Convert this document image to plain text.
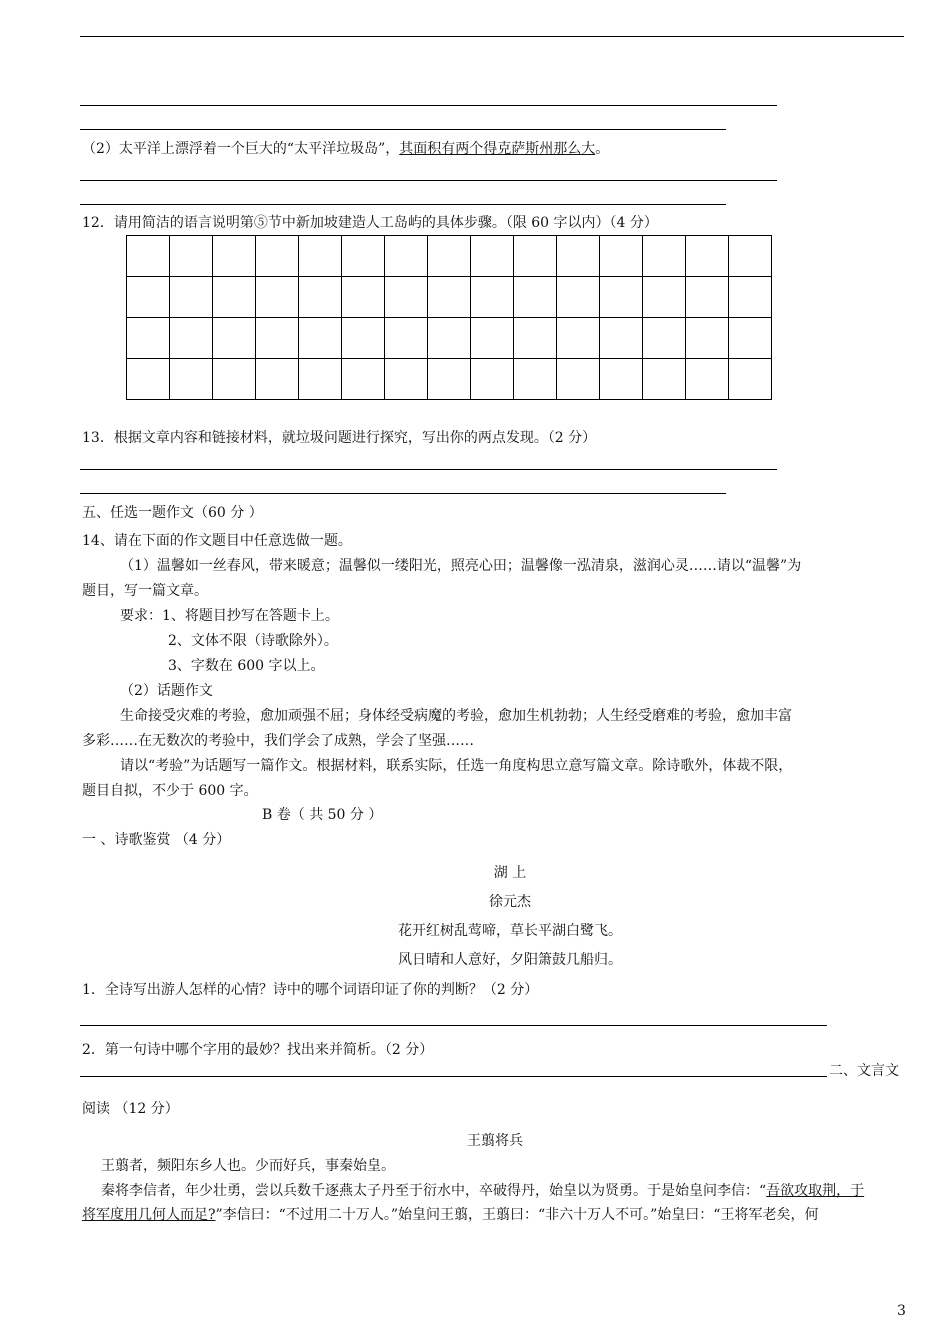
（2）太平洋上漂浮着一个巨大的“太平洋垃圾岛”，其面积有两个得克萨斯州那么大。
12．请用简洁的语言说明第⑤节中新加坡建造人工岛屿的具体步骤。（限 60 字以内）（4 分）

13．根据文章内容和链接材料，就垃圾问题进行探究，写出你的两点发现。（2 分）
五、任选一题作文（60 分 ）
14、请在下面的作文题目中任意选做一题。
（1）温馨如一丝春风，带来暖意；温馨似一缕阳光，照亮心田；温馨像一泓清泉，滋润心灵……请以“温馨”为
题目，写一篇文章。
要求：1、将题目抄写在答题卡上。
2、文体不限（诗歌除外）。
3、字数在 600 字以上。
（2）话题作文
生命接受灾难的考验，愈加顽强不屈；身体经受病魔的考验，愈加生机勃勃；人生经受磨难的考验，愈加丰富
多彩……在无数次的考验中，我们学会了成熟，学会了坚强……
请以“考验”为话题写一篇作文。根据材料，联系实际，任选一角度构思立意写篇文章。除诗歌外，体裁不限，
题目自拟，不少于 600 字。
B 卷（ 共 50 分 ）
一 、诗歌鉴赏 （4 分）
湖 上
徐元杰
花开红树乱莺啼，草长平湖白鹭飞。
风日晴和人意好，夕阳箫鼓几船归。
1．全诗写出游人怎样的心情？诗中的哪个词语印证了你的判断？（2 分）
2．第一句诗中哪个字用的最妙？找出来并简析。（2 分）
二、文言文
阅读 （12 分）
王翦将兵
王翦者，频阳东乡人也。少而好兵，事秦始皇。
秦将李信者，年少壮勇，尝以兵数千逐燕太子丹至于衍水中，卒破得丹，始皇以为贤勇。于是始皇问李信：“吾欲攻取荆，于
将军度用几何人而足?”李信曰：“不过用二十万人。”始皇问王翦，王翦曰：“非六十万人不可。”始皇曰：“王将军老矣，何
3
